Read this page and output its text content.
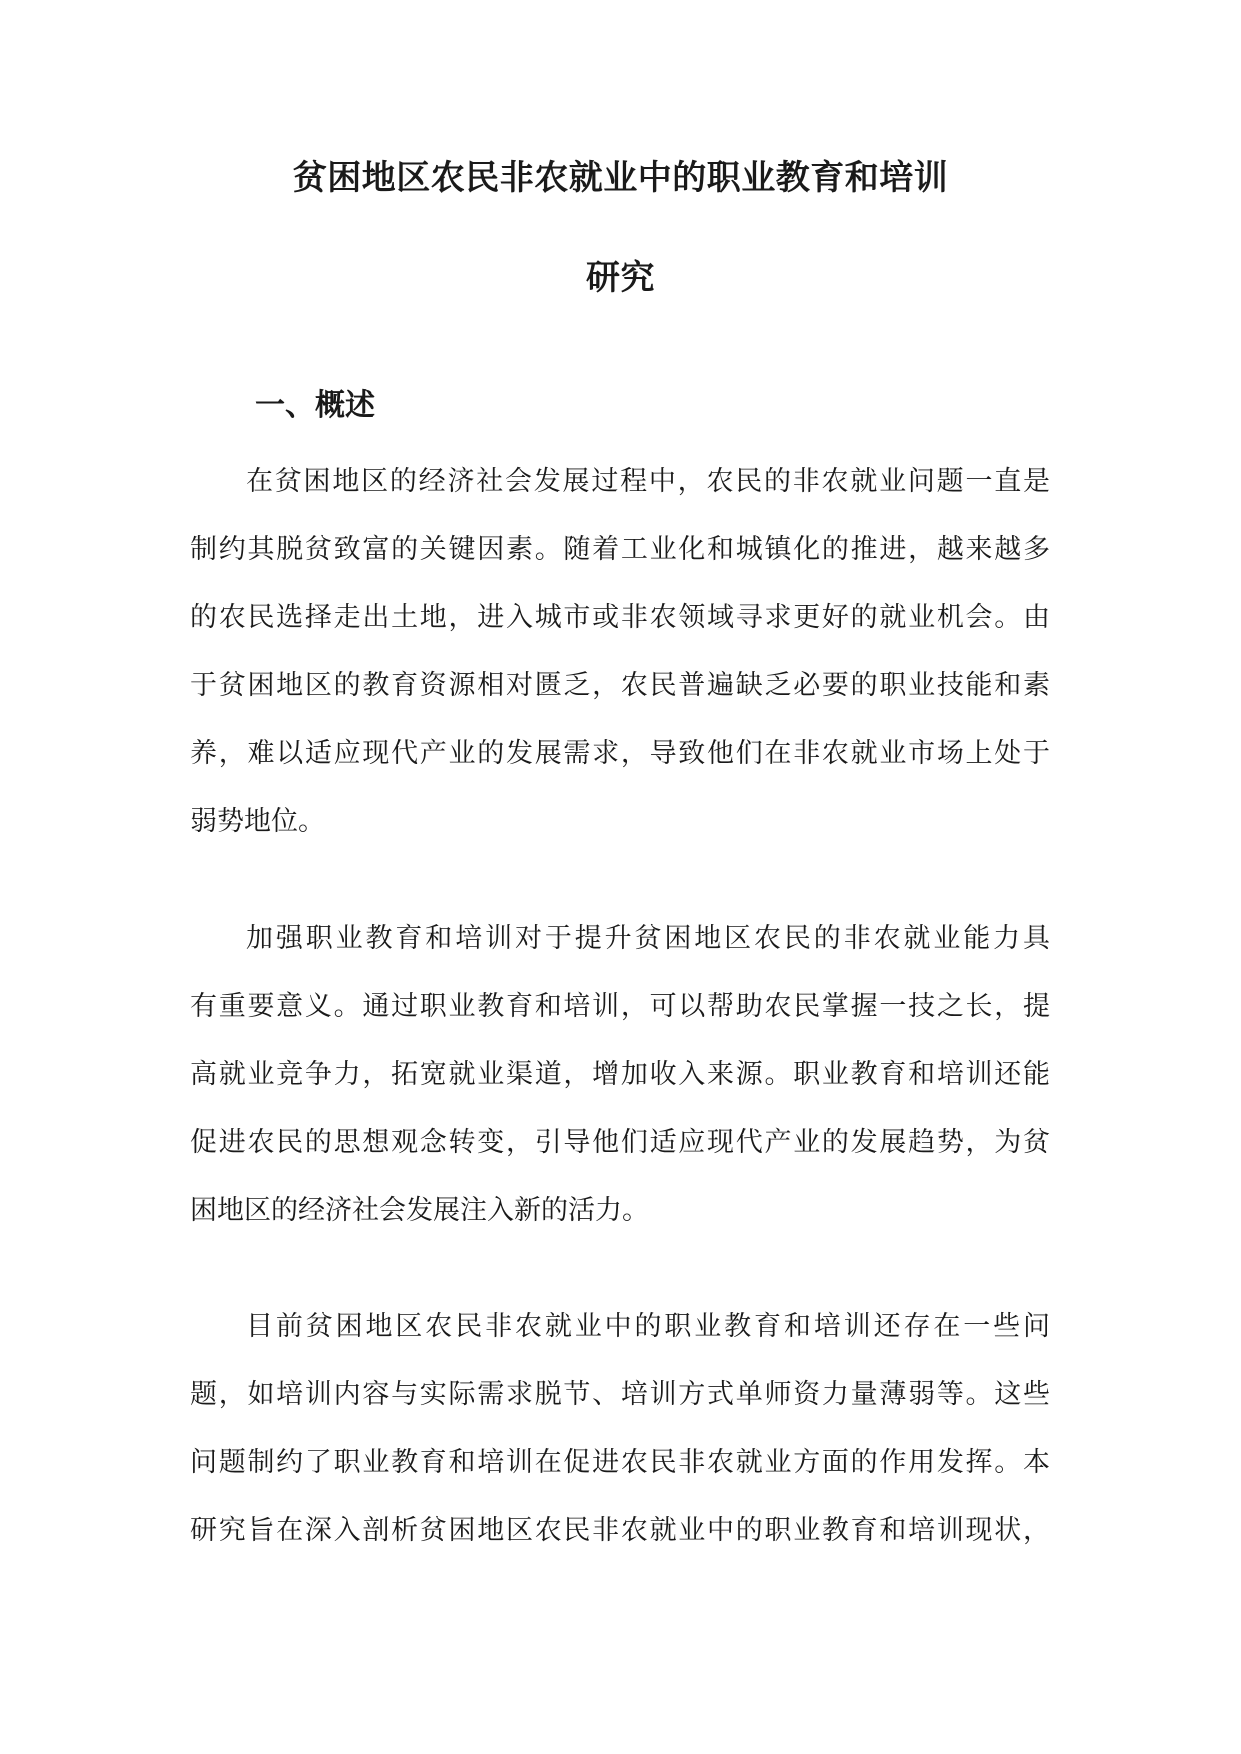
贫困地区农民非农就业中的职业教育和培训
研究
一、概述
在贫困地区的经济社会发展过程中，农民的非农就业问题一直是
制约其脱贫致富的关键因素。随着工业化和城镇化的推进，越来越多
的农民选择走出土地，进入城市或非农领域寻求更好的就业机会。由
于贫困地区的教育资源相对匮乏，农民普遍缺乏必要的职业技能和素
养，难以适应现代产业的发展需求，导致他们在非农就业市场上处于
弱势地位。
加强职业教育和培训对于提升贫困地区农民的非农就业能力具
有重要意义。通过职业教育和培训，可以帮助农民掌握一技之长，提
高就业竞争力，拓宽就业渠道，增加收入来源。职业教育和培训还能
促进农民的思想观念转变，引导他们适应现代产业的发展趋势，为贫
困地区的经济社会发展注入新的活力。
目前贫困地区农民非农就业中的职业教育和培训还存在一些问
题，如培训内容与实际需求脱节、培训方式单师资力量薄弱等。这些
问题制约了职业教育和培训在促进农民非农就业方面的作用发挥。本
研究旨在深入剖析贫困地区农民非农就业中的职业教育和培训现状，
